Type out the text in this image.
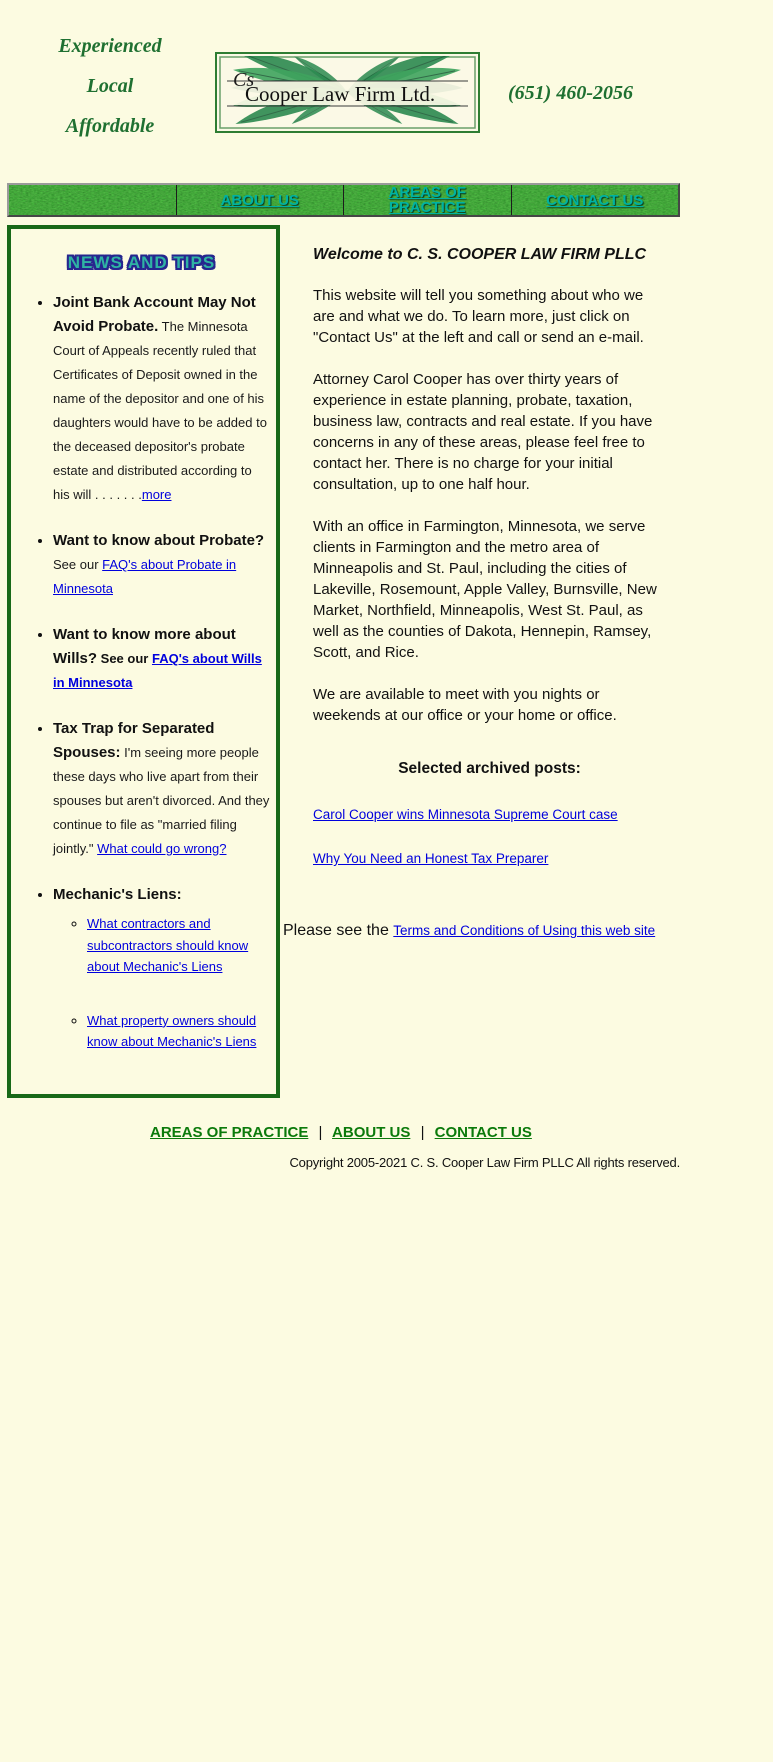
Experienced
Local
Affordable
Cs
Cooper Law Firm Ltd.	(651) 460-2056
ABOUT US	AREAS OF PRACTICE	CONTACT US
NEWS AND TIPS
• Joint Bank Account May Not Avoid Probate. The Minnesota Court of Appeals recently ruled that Certificates of Deposit owned in the name of the depositor and one of his daughters would have to be added to the deceased depositor's probate estate and distributed according to his will . . . . . . .more
• Want to know about Probate? See our FAQ's about Probate in Minnesota
• Want to know more about Wills? See our FAQ's about Wills in Minnesota
• Tax Trap for Separated Spouses: I'm seeing more people these days who live apart from their spouses but aren't divorced. And they continue to file as "married filing jointly." What could go wrong?
• Mechanic's Liens:
◦ What contractors and subcontractors should know about Mechanic's Liens
◦ What property owners should know about Mechanic's Liens
Welcome to C. S. COOPER LAW FIRM PLLC

This website will tell you something about who we are and what we do. To learn more, just click on "Contact Us" at the left and call or send an e-mail.

Attorney Carol Cooper has over thirty years of experience in estate planning, probate, taxation, business law, contracts and real estate. If you have concerns in any of these areas, please feel free to contact her. There is no charge for your initial consultation, up to one half hour.

With an office in Farmington, Minnesota, we serve clients in Farmington and the metro area of Minneapolis and St. Paul, including the cities of Lakeville, Rosemount, Apple Valley, Burnsville, New Market, Northfield, Minneapolis, West St. Paul, as well as the counties of Dakota, Hennepin, Ramsey, Scott, and Rice.

We are available to meet with you nights or weekends at our office or your home or office.

Selected archived posts:
Carol Cooper wins Minnesota Supreme Court case
Why You Need an Honest Tax Preparer
Please see the Terms and Conditions of Using this web site
AREAS OF PRACTICE | ABOUT US | CONTACT US
Copyright 2005-2021 C. S. Cooper Law Firm PLLC All rights reserved.
